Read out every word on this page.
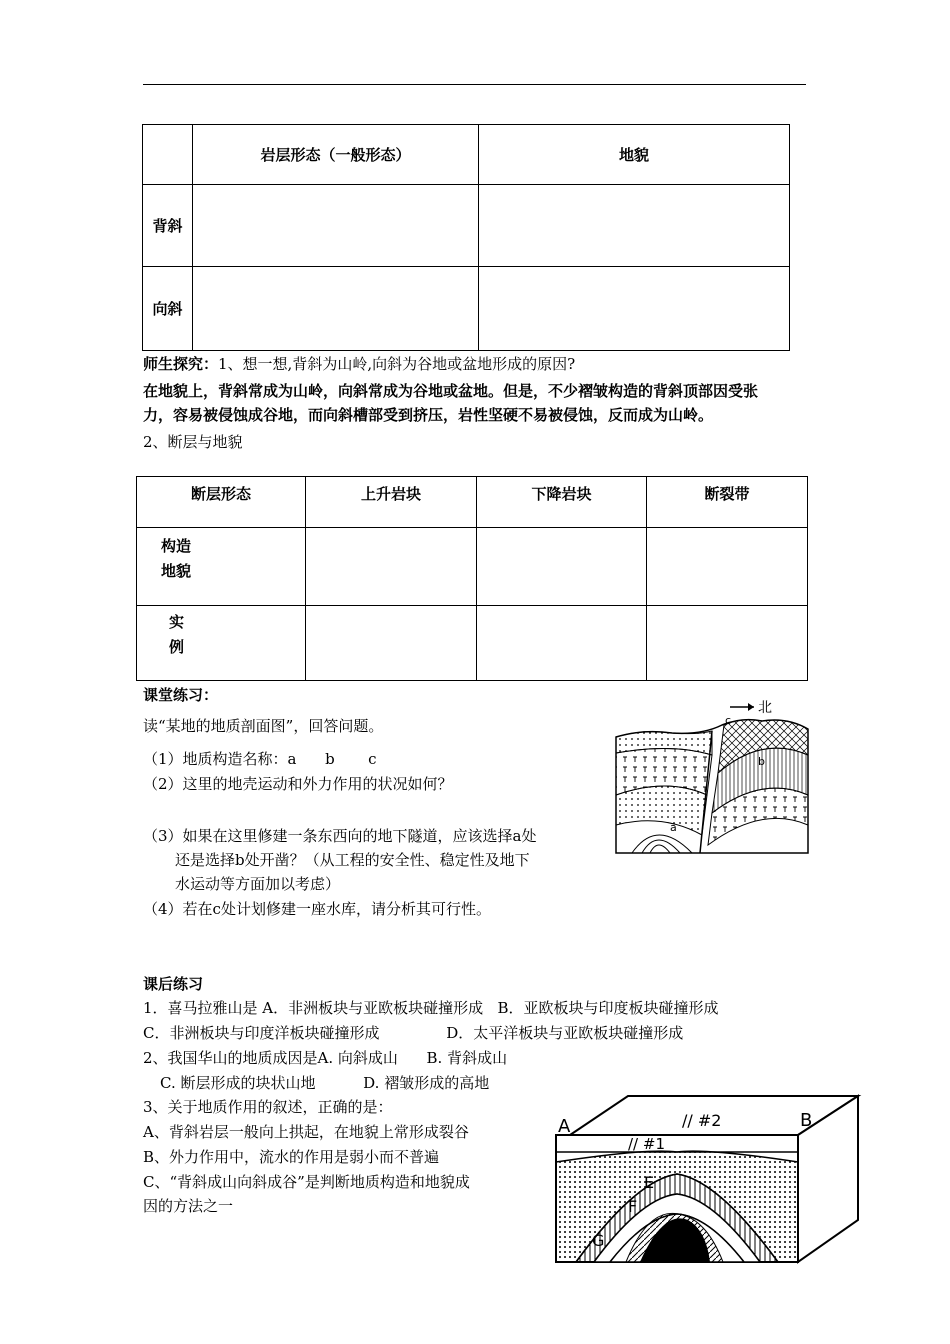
	岩层形态（一般形态）	地貌
背斜		
向斜		
师生探究：1、想一想,背斜为山岭,向斜为谷地或盆地形成的原因?
在地貌上，背斜常成为山岭，向斜常成为谷地或盆地。但是，不少褶皱构造的背斜顶部因受张
力，容易被侵蚀成谷地，而向斜槽部受到挤压，岩性坚硬不易被侵蚀，反而成为山岭。
2、断层与地貌
断层形态	上升岩块	下降岩块	断裂带

构造
地貌			

实
例			

课堂练习：
读“某地的地质剖面图”，回答问题。
（1）地质构造名称：a      b       c
（2）这里的地壳运动和外力作用的状况如何？
（3）如果在这里修建一条东西向的地下隧道，应该选择a处
还是选择b处开凿？（从工程的安全性、稳定性及地下
水运动等方面加以考虑）
（4）若在c处计划修建一座水库，请分析其可行性。
北
a
b
c
课后练习
1．喜马拉雅山是 A．非洲板块与亚欧板块碰撞形成   B．亚欧板块与印度板块碰撞形成
C．非洲板块与印度洋板块碰撞形成              D．太平洋板块与亚欧板块碰撞形成
2、我国华山的地质成因是A. 向斜成山      B. 背斜成山
C. 断层形成的块状山地          D. 褶皱形成的高地
3、关于地质作用的叙述，正确的是：
A、背斜岩层一般向上拱起，在地貌上常形成裂谷
B、外力作用中，流水的作用是弱小而不普遍
C、“背斜成山向斜成谷”是判断地质构造和地貌成
因的方法之一
A	B
// #2
// #1
E
F
G
